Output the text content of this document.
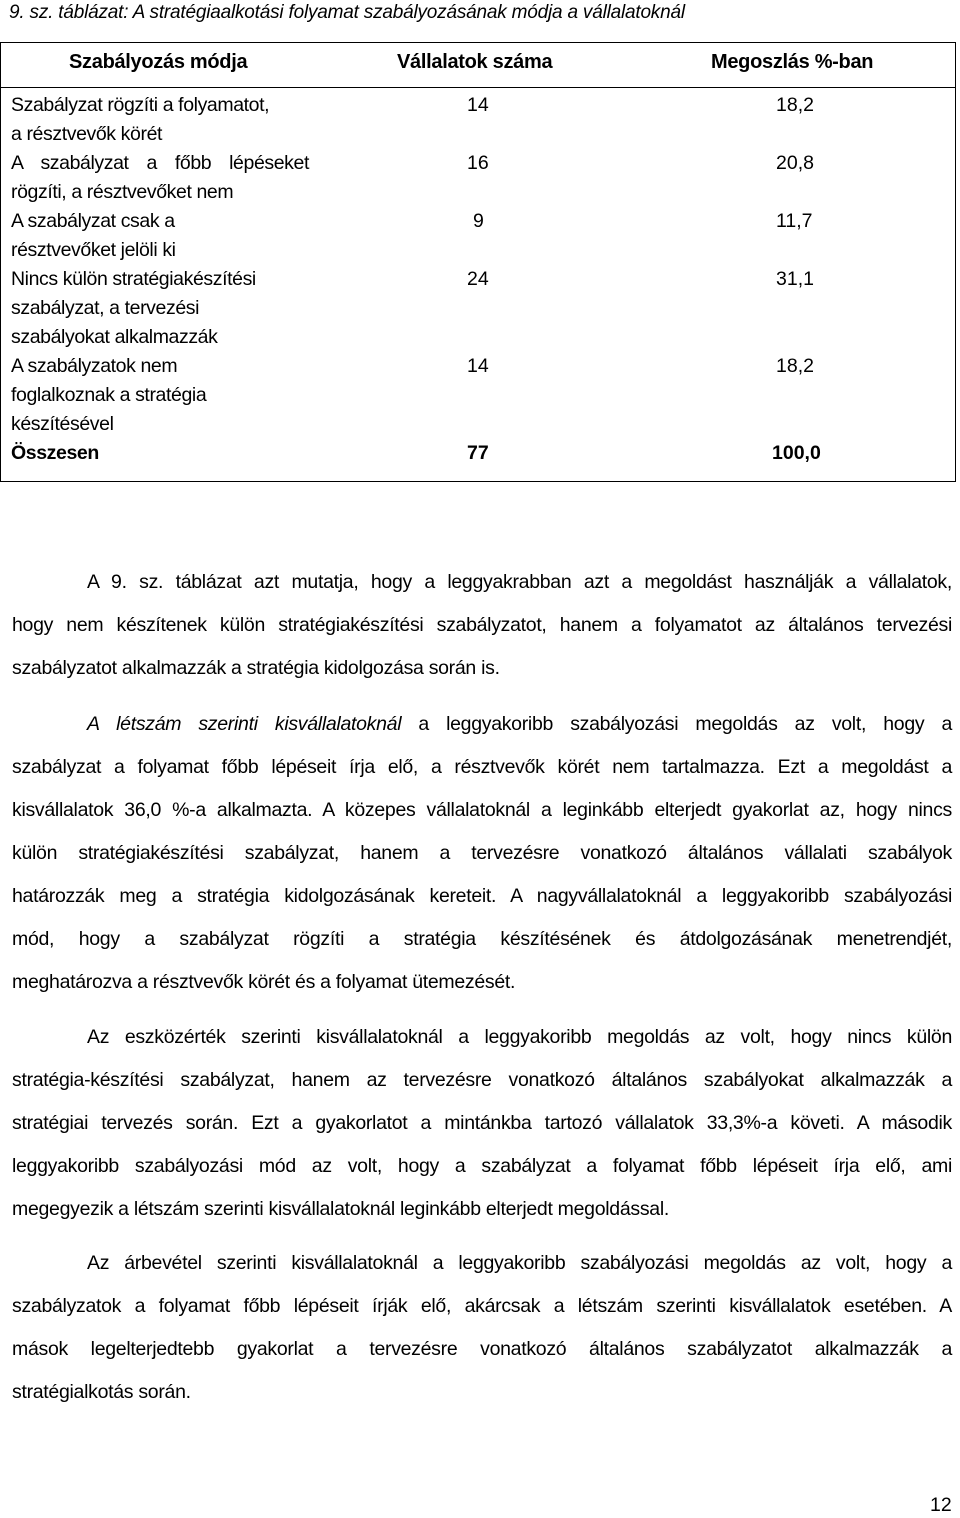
9. sz. táblázat: A stratégiaalkotási folyamat szabályozásának módja a vállalatoknál
Szabályozás módja	Vállalatok száma	Megoszlás %-ban
Szabályzat rögzíti a folyamatot,
a résztvevők körét
14	18,2
A szabályzat a főbb lépéseket
rögzíti, a résztvevőket nem
16	20,8
A szabályzat csak a
résztvevőket jelöli ki
9	11,7
Nincs külön stratégiakészítési
szabályzat, a tervezési
szabályokat alkalmazzák
24	31,1
A szabályzatok nem
foglalkoznak a stratégia
készítésével
14	18,2
Összesen	77	100,0
A 9. sz. táblázat azt mutatja, hogy a leggyakrabban azt a megoldást használják a vállalatok,
hogy nem készítenek külön stratégiakészítési szabályzatot, hanem a folyamatot az általános tervezési
szabályzatot alkalmazzák a stratégia kidolgozása során is.
A létszám szerinti kisvállalatoknál a leggyakoribb szabályozási megoldás az volt, hogy a
szabályzat a folyamat főbb lépéseit írja elő, a résztvevők körét nem tartalmazza. Ezt a megoldást a
kisvállalatok 36,0 %-a alkalmazta. A közepes vállalatoknál a leginkább elterjedt gyakorlat az, hogy nincs
külön stratégiakészítési szabályzat, hanem a tervezésre vonatkozó általános vállalati szabályok
határozzák meg a stratégia kidolgozásának kereteit. A nagyvállalatoknál a leggyakoribb szabályozási
mód, hogy a szabályzat rögzíti a stratégia készítésének és átdolgozásának menetrendjét,
meghatározva a résztvevők körét és a folyamat ütemezését.
Az eszközérték szerinti kisvállalatoknál a leggyakoribb megoldás az volt, hogy nincs külön
stratégia-készítési szabályzat, hanem az tervezésre vonatkozó általános szabályokat alkalmazzák a
stratégiai tervezés során. Ezt a gyakorlatot a mintánkba tartozó vállalatok 33,3%-a követi. A második
leggyakoribb szabályozási mód az volt, hogy a szabályzat a folyamat főbb lépéseit írja elő, ami
megegyezik a létszám szerinti kisvállalatoknál leginkább elterjedt megoldással.
Az árbevétel szerinti kisvállalatoknál a leggyakoribb szabályozási megoldás az volt, hogy a
szabályzatok a folyamat főbb lépéseit írják elő, akárcsak a létszám szerinti kisvállalatok esetében. A
mások legelterjedtebb gyakorlat a tervezésre vonatkozó általános szabályzatot alkalmazzák a
stratégialkotás során.
12
